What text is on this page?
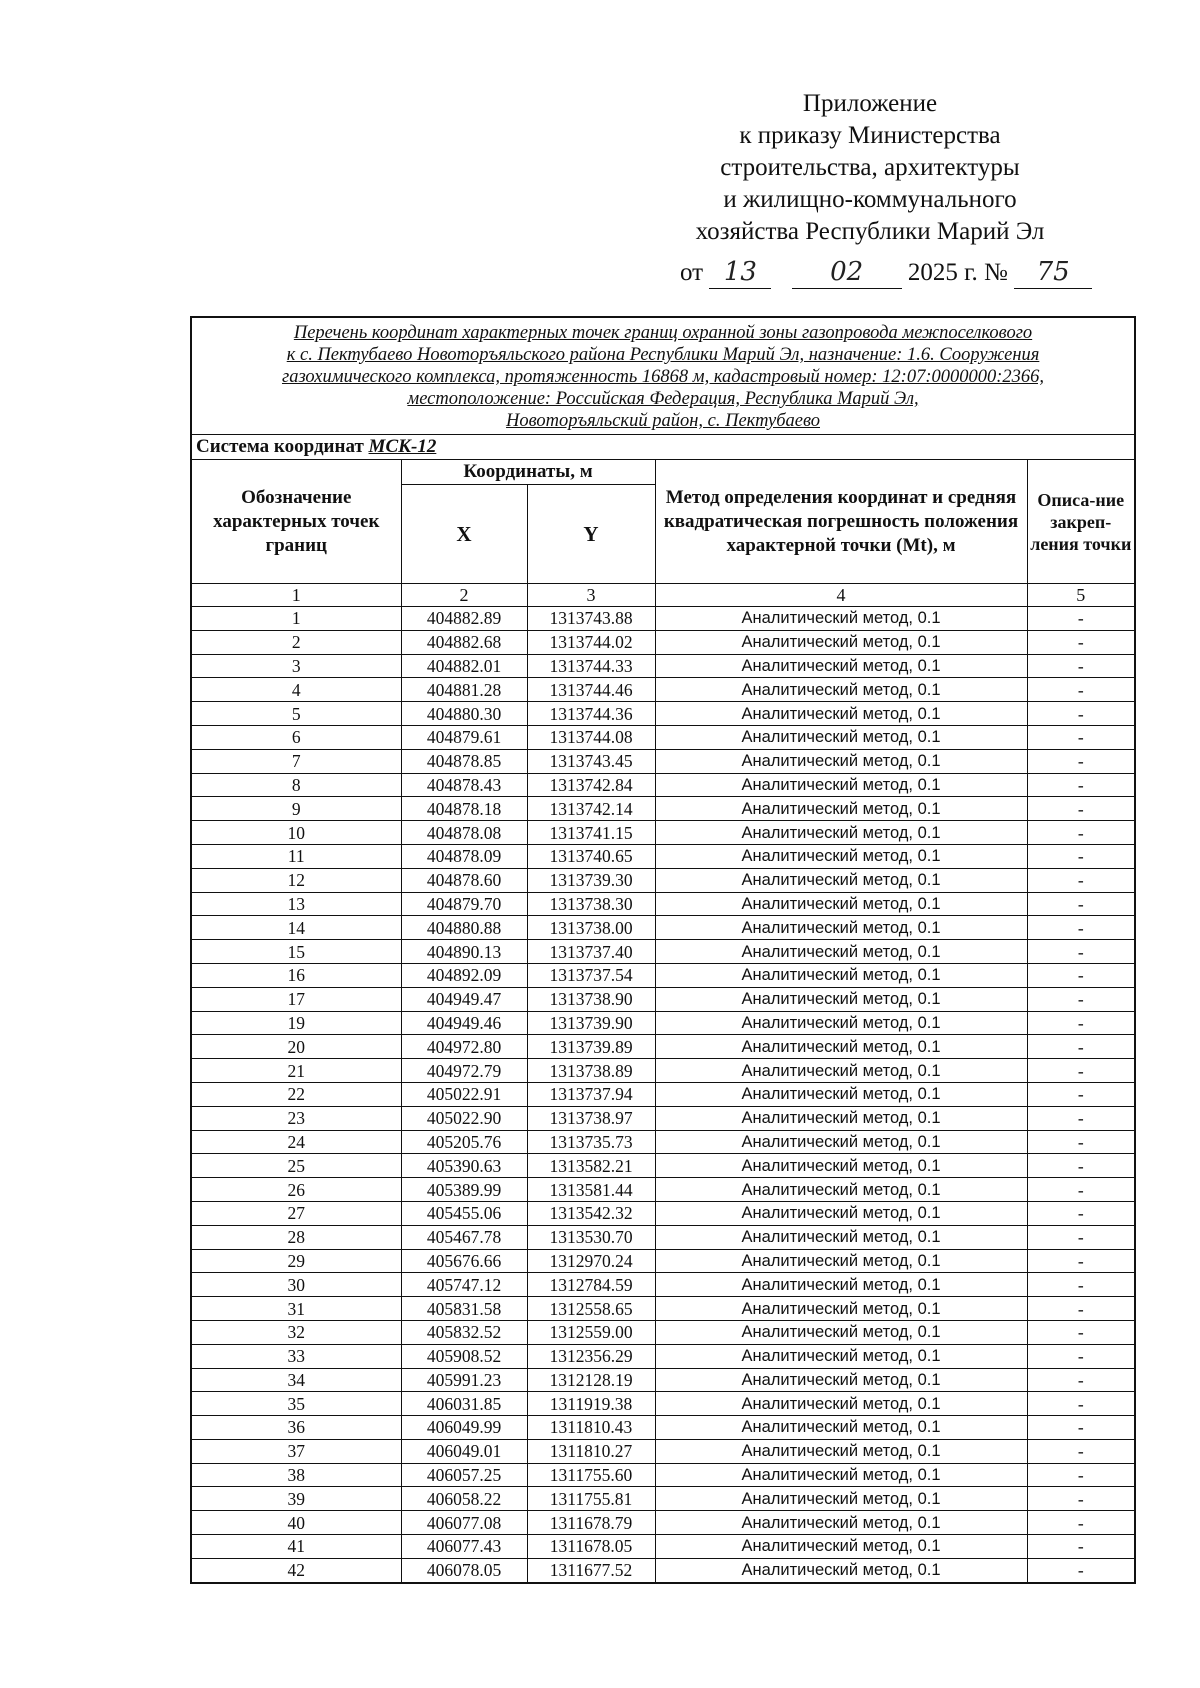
Приложение
к приказу Министерства
строительства, архитектуры
и жилищно-коммунального
хозяйства Республики Марий Эл
от 13	02 2025 г. № 75
Перечень координат характерных точек границ охранной зоны газопровода межпоселкового
к с. Пектубаево Новоторъяльского района Республики Марий Эл, назначение: 1.6. Сооружения
газохимического комплекса, протяженность 16868 м, кадастровый номер: 12:07:0000000:2366,
местоположение: Российская Федерация, Республика Марий Эл,
Новоторъяльский район, с. Пектубаево				

Система координат МСК-12				
Обозначение характерных точек границ	Координаты, м		Метод определения координат и средняя квадратическая погрешность положения характерной точки (Mt), м	Описа-ние закреп-ления точки
	X	Y		
1	2	3	4	5
1	404882.89	1313743.88	Аналитический метод, 0.1	-
2	404882.68	1313744.02	Аналитический метод, 0.1	-
3	404882.01	1313744.33	Аналитический метод, 0.1	-
4	404881.28	1313744.46	Аналитический метод, 0.1	-
5	404880.30	1313744.36	Аналитический метод, 0.1	-
6	404879.61	1313744.08	Аналитический метод, 0.1	-
7	404878.85	1313743.45	Аналитический метод, 0.1	-
8	404878.43	1313742.84	Аналитический метод, 0.1	-
9	404878.18	1313742.14	Аналитический метод, 0.1	-
10	404878.08	1313741.15	Аналитический метод, 0.1	-
11	404878.09	1313740.65	Аналитический метод, 0.1	-
12	404878.60	1313739.30	Аналитический метод, 0.1	-
13	404879.70	1313738.30	Аналитический метод, 0.1	-
14	404880.88	1313738.00	Аналитический метод, 0.1	-
15	404890.13	1313737.40	Аналитический метод, 0.1	-
16	404892.09	1313737.54	Аналитический метод, 0.1	-
17	404949.47	1313738.90	Аналитический метод, 0.1	-
19	404949.46	1313739.90	Аналитический метод, 0.1	-
20	404972.80	1313739.89	Аналитический метод, 0.1	-
21	404972.79	1313738.89	Аналитический метод, 0.1	-
22	405022.91	1313737.94	Аналитический метод, 0.1	-
23	405022.90	1313738.97	Аналитический метод, 0.1	-
24	405205.76	1313735.73	Аналитический метод, 0.1	-
25	405390.63	1313582.21	Аналитический метод, 0.1	-
26	405389.99	1313581.44	Аналитический метод, 0.1	-
27	405455.06	1313542.32	Аналитический метод, 0.1	-
28	405467.78	1313530.70	Аналитический метод, 0.1	-
29	405676.66	1312970.24	Аналитический метод, 0.1	-
30	405747.12	1312784.59	Аналитический метод, 0.1	-
31	405831.58	1312558.65	Аналитический метод, 0.1	-
32	405832.52	1312559.00	Аналитический метод, 0.1	-
33	405908.52	1312356.29	Аналитический метод, 0.1	-
34	405991.23	1312128.19	Аналитический метод, 0.1	-
35	406031.85	1311919.38	Аналитический метод, 0.1	-
36	406049.99	1311810.43	Аналитический метод, 0.1	-
37	406049.01	1311810.27	Аналитический метод, 0.1	-
38	406057.25	1311755.60	Аналитический метод, 0.1	-
39	406058.22	1311755.81	Аналитический метод, 0.1	-
40	406077.08	1311678.79	Аналитический метод, 0.1	-
41	406077.43	1311678.05	Аналитический метод, 0.1	-
42	406078.05	1311677.52	Аналитический метод, 0.1	-
